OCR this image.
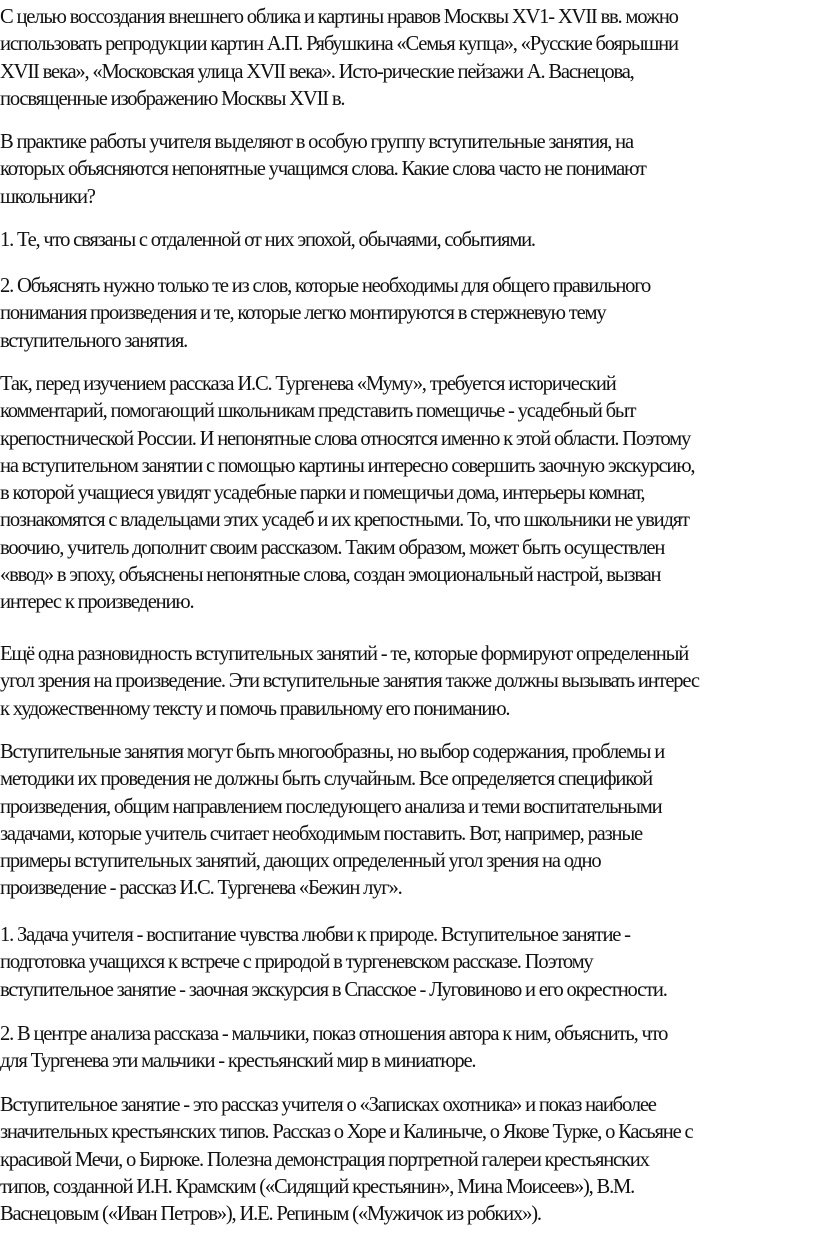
С целью воссоздания внешнего облика и картины нравов Москвы XV1- XVII вв. можно
использовать репродукции картин А.П. Рябушкина «Семья купца», «Русские боярышни
XVII века», «Московская улица XVII века». Исто-рические пейзажи А. Васнецова,
посвященные изображению Москвы XVII в.

В практике работы учителя выделяют в особую группу вступительные занятия, на
которых объясняются непонятные учащимся слова. Какие слова часто не понимают
школьники?

1. Те, что связаны с отдаленной от них эпохой, обычаями, событиями.

2. Объяснять нужно только те из слов, которые необходимы для общего правильного
понимания произведения и те, которые легко монтируются в стержневую тему
вступительного занятия.

Так, перед изучением рассказа И.С. Тургенева «Муму», требуется исторический
комментарий, помогающий школьникам представить помещичье - усадебный быт
крепостнической России. И непонятные слова относятся именно к этой области. Поэтому
на вступительном занятии с помощью картины интересно совершить заочную экскурсию,
в которой учащиеся увидят усадебные парки и помещичьи дома, интерьеры комнат,
познакомятся с владельцами этих усадеб и их крепостными. То, что школьники не увидят
воочию, учитель дополнит своим рассказом. Таким образом, может быть осуществлен
«ввод» в эпоху, объяснены непонятные слова, создан эмоциональный настрой, вызван
интерес к произведению.

Ещё одна разновидность вступительных занятий - те, которые формируют определенный
угол зрения на произведение. Эти вступительные занятия также должны вызывать интерес
к художественному тексту и помочь правильному его пониманию.

Вступительные занятия могут быть многообразны, но выбор содержания, проблемы и
методики их проведения не должны быть случайным. Все определяется спецификой
произведения, общим направлением последующего анализа и теми воспитательными
задачами, которые учитель считает необходимым поставить. Вот, например, разные
примеры вступительных занятий, дающих определенный угол зрения на одно
произведение - рассказ И.С. Тургенева «Бежин луг».

1. Задача учителя - воспитание чувства любви к природе. Вступительное занятие -
подготовка учащихся к встрече с природой в тургеневском рассказе. Поэтому
вступительное занятие - заочная экскурсия в Спасское - Луговиново и его окрестности.

2. В центре анализа рассказа - мальчики, показ отношения автора к ним, объяснить, что
для Тургенева эти мальчики - крестьянский мир в миниатюре.

Вступительное занятие - это рассказ учителя о «Записках охотника» и показ наиболее
значительных крестьянских типов. Рассказ о Хоре и Калиныче, о Якове Турке, о Касьяне с
красивой Мечи, о Бирюке. Полезна демонстрация портретной галереи крестьянских
типов, созданной И.Н. Крамским («Сидящий крестьянин», Мина Моисеев»), В.М.
Васнецовым («Иван Петров»), И.Е. Репиным («Мужичок из робких»).
